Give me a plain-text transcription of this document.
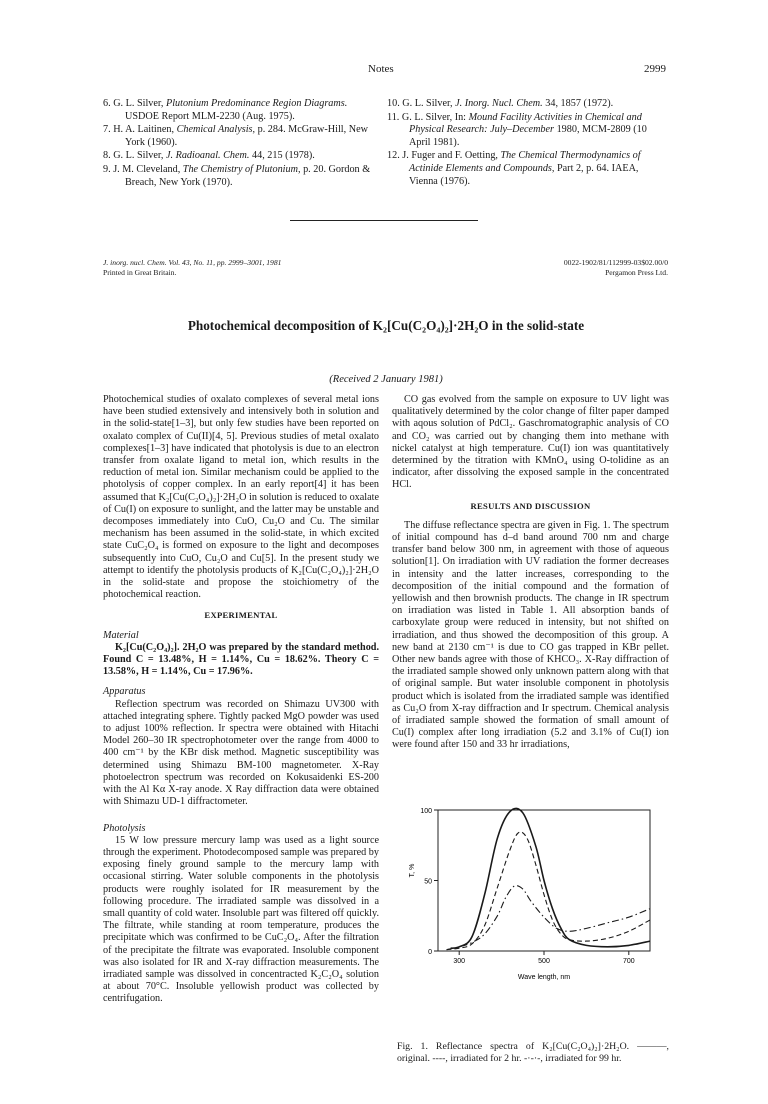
Notes	2999

6. G. L. Silver, Plutonium Predominance Region Diagrams. USDOE Report MLM-2230 (Aug. 1975).

7. H. A. Laitinen, Chemical Analysis, p. 284. McGraw-Hill, New York (1960).

8. G. L. Silver, J. Radioanal. Chem. 44, 215 (1978).

9. J. M. Cleveland, The Chemistry of Plutonium, p. 20. Gordon & Breach, New York (1970).

10. G. L. Silver, J. Inorg. Nucl. Chem. 34, 1857 (1972).

11. G. L. Silver, In: Mound Facility Activities in Chemical and Physical Research: July–December 1980, MCM-2809 (10 April 1981).

12. J. Fuger and F. Oetting, The Chemical Thermodynamics of Actinide Elements and Compounds, Part 2, p. 64. IAEA, Vienna (1976).

J. inorg. nucl. Chem. Vol. 43, No. 11, pp. 2999–3001, 1981
Printed in Great Britain.
0022-1902/81/112999-03$02.00/0
Pergamon Press Ltd.
Photochemical decomposition of K₂[Cu(C₂O₄)₂]·2H₂O in the solid-state
(Received 2 January 1981)

Photochemical studies of oxalato complexes of several metal ions have been studied extensively and intensively both in solution and in the solid-state[1–3], but only few studies have been reported on oxalato complex of Cu(II)[4, 5]. Previous studies of metal oxalato complexes[1–3] have indicated that photolysis is due to an electron transfer from oxalate ligand to metal ion, which results in the reduction of metal ion. Similar mechanism could be applied to the photolysis of copper complex. In an early report[4] it has been assumed that K₂[Cu(C₂O₄)₂]·2H₂O in solution is reduced to oxalate of Cu(I) on exposure to sunlight, and the latter may be unstable and decomposes immediately into CuO, Cu₂O and Cu. The similar mechanism has been assumed in the solid-state, in which excited state CuC₂O₄ is formed on exposure to the light and decomposes subsequently into CuO, Cu₂O and Cu[5]. In the present study we attempt to identify the photolysis products of K₂[Cu(C₂O₄)₂]·2H₂O in the solid-state and propose the stoichiometry of the photochemical reaction.

EXPERIMENTAL
Material

K₂[Cu(C₂O₄)₂]. 2H₂O was prepared by the standard method. Found C = 13.48%, H = 1.14%, Cu = 18.62%. Theory C = 13.58%, H = 1.14%, Cu = 17.96%.

Apparatus

Reflection spectrum was recorded on Shimazu UV300 with attached integrating sphere. Tightly packed MgO powder was used to adjust 100% reflection. Ir spectra were obtained with Hitachi Model 260–30 IR spectrophotometer over the range from 4000 to 400 cm⁻¹ by the KBr disk method. Magnetic susceptibility was determined using Shimazu BM-100 magnetometer. X-Ray photoelectron spectrum was recorded on Kokusaidenki ES-200 with the Al Kα X-ray anode. X Ray diffraction data were obtained with Shimazu UD-1 diffractometer.

Photolysis

15 W low pressure mercury lamp was used as a light source through the experiment. Photodecomposed sample was prepared by exposing finely ground sample to the mercury lamp with occasional stirring. Water soluble components in the photolysis products were roughly isolated for IR measurement by the following procedure. The irradiated sample was dissolved in a small quantity of cold water. Insoluble part was filtered off quickly. The filtrate, while standing at room temperature, produces the precipitate which was confirmed to be CuC₂O₄. After the filtration of the precipitate the filtrate was evaporated. Insoluble component was also isolated for IR and X-ray diffraction measurements. The irradiated sample was dissolved in concentracted K₂C₂O₄ solution at about 70°C. Insoluble yellowish product was collected by centrifugation.

CO gas evolved from the sample on exposure to UV light was qualitatively determined by the color change of filter paper damped with aqous solution of PdCl₂. Gaschromatographic analysis of CO and CO₂ was carried out by changing them into methane with nickel catalyst at high temperature. Cu(I) ion was quantitatively determined by the titration with KMnO₄ using O-tolidine as an indicator, after dissolving the exposed sample in the concentrated HCl.

RESULTS AND DISCUSSION

The diffuse reflectance spectra are given in Fig. 1. The spectrum of initial compound has d–d band around 700 nm and charge transfer band below 300 nm, in agreement with those of aqueous solution[1]. On irradiation with UV radiation the former decreases in intensity and the latter increases, corresponding to the decomposition of the initial compound and the formation of yellowish and then brownish products. The change in IR spectrum on irradiation was listed in Table 1. All absorption bands of carboxylate group were reduced in intensity, but not shifted on irradiation, and thus showed the decomposition of this group. A new band at 2130 cm⁻¹ is due to CO gas trapped in KBr pellet. Other new bands agree with those of KHCO₃. X-Ray diffraction of the irradiated sample showed only unknown pattern along with that of original sample. But water insoluble component in photolysis product which is isolated from the irradiated sample was identified as Cu₂O from X-ray diffraction and Ir spectrum. Chemical analysis of irradiated sample showed the formation of small amount of Cu(I) complex after long irradiation (5.2 and 3.1% of Cu(I) ion were found after 150 and 33 hr irradiations,

0
50
100
300	500	700
Wave length, nm
T, %
Fig. 1. Reflectance spectra of K₂[Cu(C₂O₄)₂]·2H₂O. ———, original. ----, irradiated for 2 hr. -·-·-, irradiated for 99 hr.
